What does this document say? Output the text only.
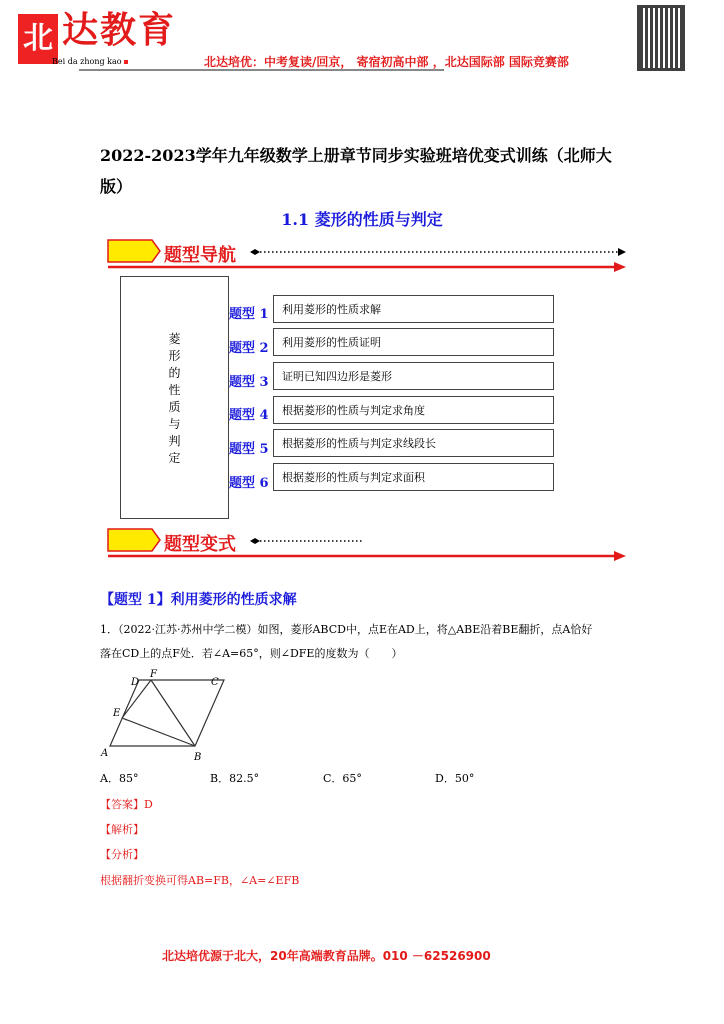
北 达教育
Bei da zhong kao	北达培优：中考复读/回京， 寄宿初高中部 ，北达国际部 国际竞赛部
2022-2023学年九年级数学上册章节同步实验班培优变式训练（北师大
版）
1.1 菱形的性质与判定
题型导航
菱
形
的
性
质
与
判
定
题型 1
题型 2
题型 3
题型 4
题型 5
题型 6
利用菱形的性质求解
利用菱形的性质证明
证明已知四边形是菱形
根据菱形的性质与判定求角度
根据菱形的性质与判定求线段长
根据菱形的性质与判定求面积
题型变式
【题型 1】利用菱形的性质求解
1．（2022·江苏·苏州中学二模）如图，菱形ABCD中，点E在AD上，将△ABE沿着BE翻折，点A恰好
落在CD上的点F处．若∠A=65°，则∠DFE的度数为（　　）
A	B
C
D
E
F
A．85°	B．82.5°	C．65°	D．50°
【答案】D
【解析】
【分析】
根据翻折变换可得AB=FB，∠A=∠EFB
北达培优源于北大，20年高端教育品牌。010 －62526900
